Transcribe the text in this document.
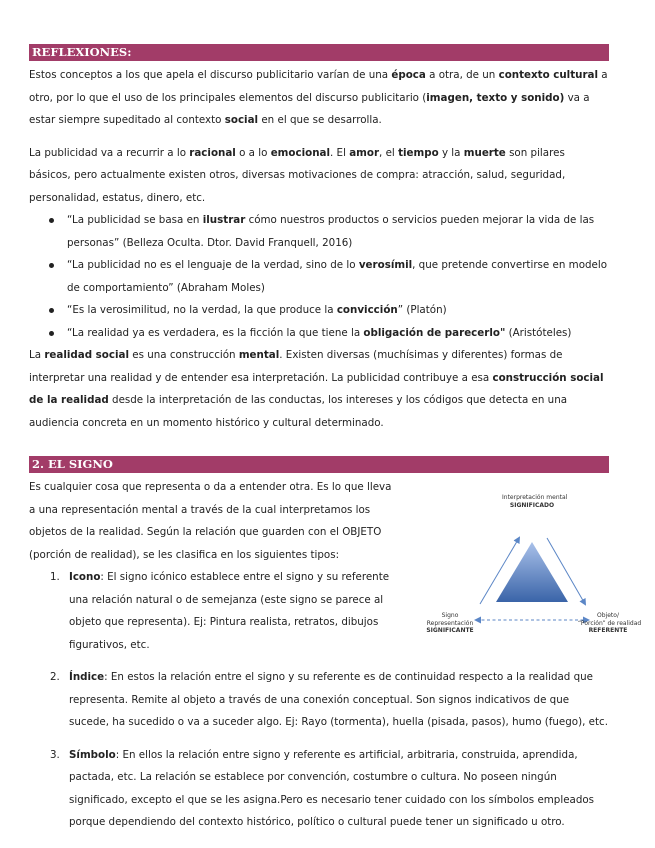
REFLEXIONES:

Estos conceptos a los que apela el discurso publicitario varían de una época a otra, de un contexto cultural a otro, por lo que el uso de los principales elementos del discurso publicitario (imagen, texto y sonido) va a estar siempre supeditado al contexto social en el que se desarrolla.

La publicidad va a recurrir a lo racional o a lo emocional. El amor, el tiempo y la muerte son pilares básicos, pero actualmente existen otros, diversas motivaciones de compra: atracción, salud, seguridad, personalidad, estatus, dinero, etc.

“La publicidad se basa en ilustrar cómo nuestros productos o servicios pueden mejorar la vida de las personas” (Belleza Oculta. Dtor. David Franquell, 2016)
“La publicidad no es el lenguaje de la verdad, sino de lo verosímil, que pretende convertirse en modelo de comportamiento” (Abraham Moles)
“Es la verosimilitud, no la verdad, la que produce la convicción” (Platón)
“La realidad ya es verdadera, es la ficción la que tiene la obligación de parecerlo" (Aristóteles)

La realidad social es una construcción mental. Existen diversas (muchísimas y diferentes) formas de interpretar una realidad y de entender esa interpretación. La publicidad contribuye a esa construcción social de la realidad desde la interpretación de las conductas, los intereses y los códigos que detecta en una audiencia concreta en un momento histórico y cultural determinado.

2. EL SIGNO

Es cualquier cosa que representa o da a entender otra. Es lo que lleva a una representación mental a través de la cual interpretamos los objetos de la realidad. Según la relación que guarden con el OBJETO (porción de realidad), se les clasifica en los siguientes tipos:

1. Icono: El signo icónico establece entre el signo y su referente una relación natural o de semejanza (este signo se parece al objeto que representa). Ej: Pintura realista, retratos, dibujos figurativos, etc.
2. Índice: En estos la relación entre el signo y su referente es de continuidad respecto a la realidad que representa. Remite al objeto a través de una conexión conceptual. Son signos indicativos de que sucede, ha sucedido o va a suceder algo. Ej: Rayo (tormenta), huella (pisada, pasos), humo (fuego), etc.
3. Símbolo: En ellos la relación entre signo y referente es artificial, arbitraria, construida, aprendida, pactada, etc. La relación se establece por convención, costumbre o cultura. No poseen ningún significado, excepto el que se les asigna.Pero es necesario tener cuidado con los símbolos empleados porque dependiendo del contexto histórico, político o cultural puede tener un significado u otro.
Interpretación mental
SIGNIFICADO
Signo
Representación
SIGNIFICANTE
Objeto/
“Porción” de realidad
REFERENTE
